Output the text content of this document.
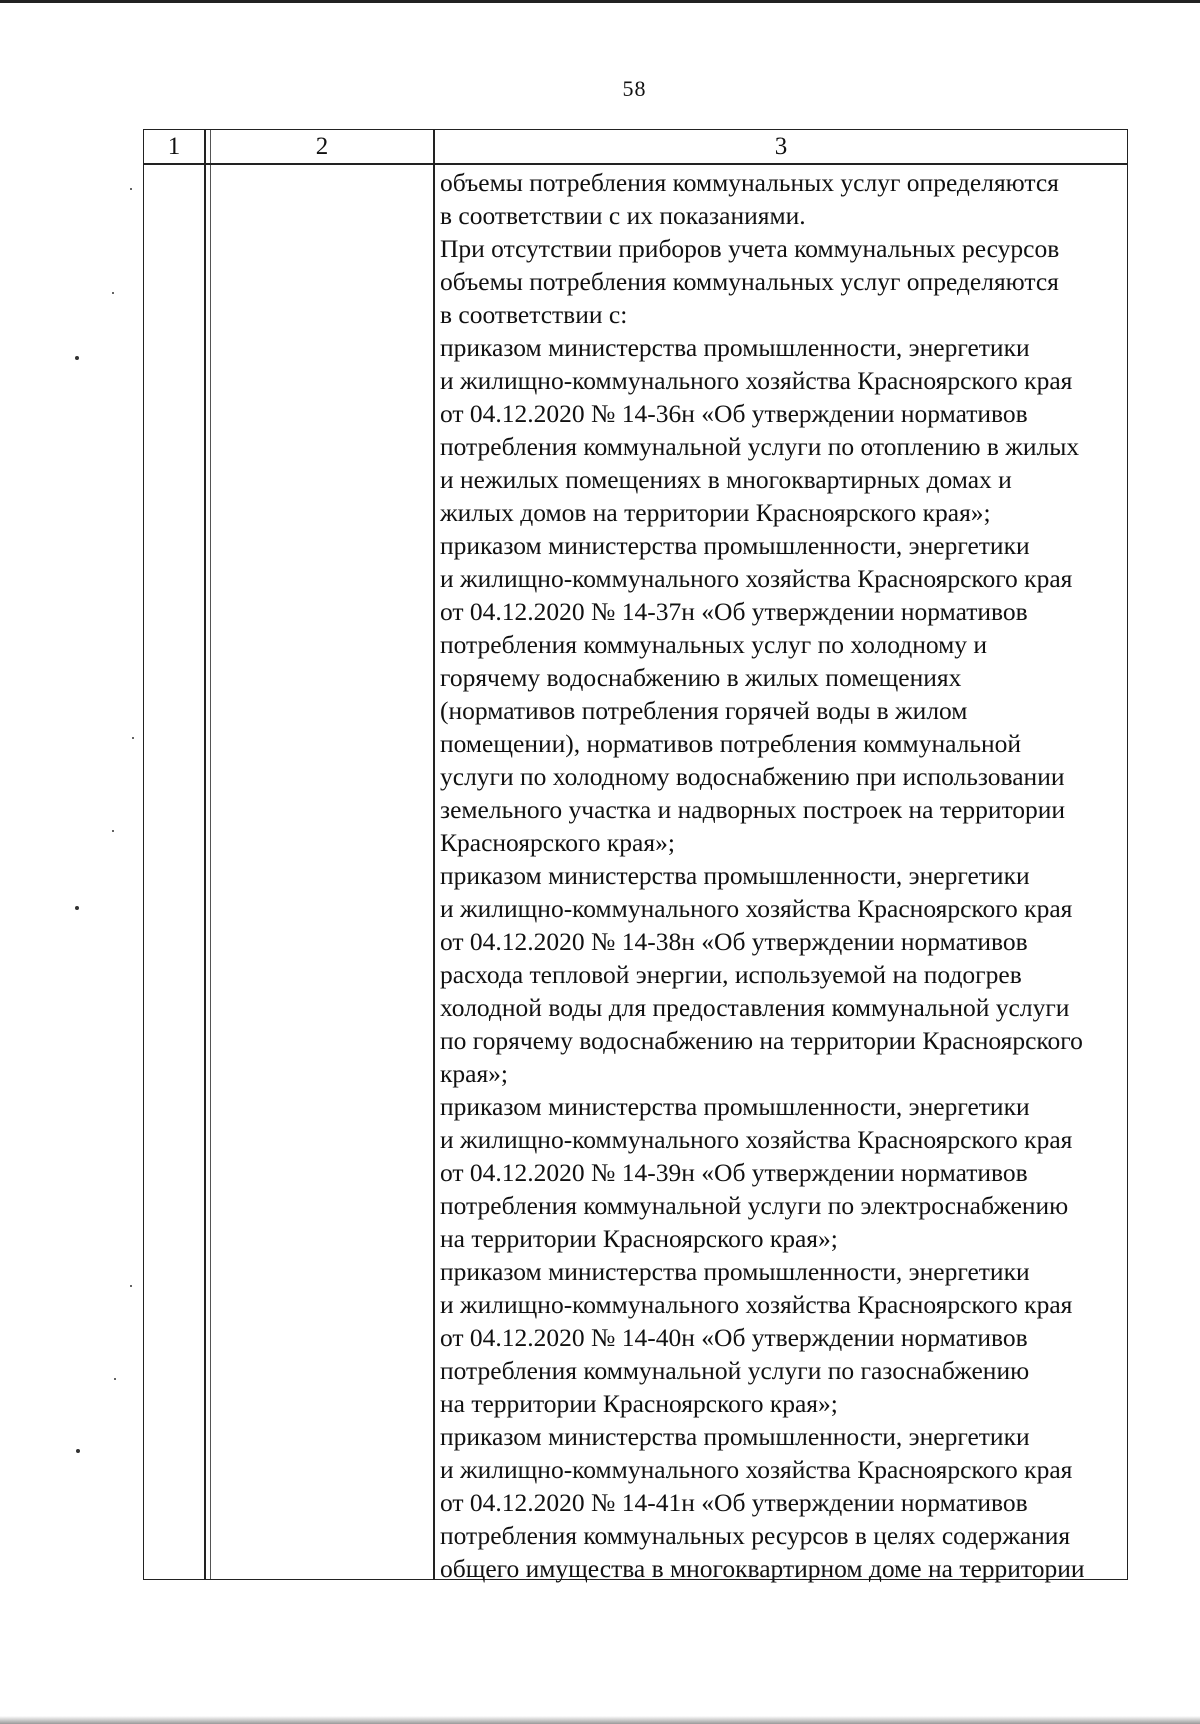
58
1	2	3
объемы потребления коммунальных услуг определяются
в соответствии с их показаниями.
При отсутствии приборов учета коммунальных ресурсов
объемы потребления коммунальных услуг определяются
в соответствии с:
приказом министерства промышленности, энергетики
и жилищно-коммунального хозяйства Красноярского края
от 04.12.2020 № 14-36н «Об утверждении нормативов
потребления коммунальной услуги по отоплению в жилых
и нежилых помещениях в многоквартирных домах и
жилых домов на территории Красноярского края»;
приказом министерства промышленности, энергетики
и жилищно-коммунального хозяйства Красноярского края
от 04.12.2020 № 14-37н «Об утверждении нормативов
потребления коммунальных услуг по холодному и
горячему водоснабжению в жилых помещениях
(нормативов потребления горячей воды в жилом
помещении), нормативов потребления коммунальной
услуги по холодному водоснабжению при использовании
земельного участка и надворных построек на территории
Красноярского края»;
приказом министерства промышленности, энергетики
и жилищно-коммунального хозяйства Красноярского края
от 04.12.2020 № 14-38н «Об утверждении нормативов
расхода тепловой энергии, используемой на подогрев
холодной воды для предоставления коммунальной услуги
по горячему водоснабжению на территории Красноярского
края»;
приказом министерства промышленности, энергетики
и жилищно-коммунального хозяйства Красноярского края
от 04.12.2020 № 14-39н «Об утверждении нормативов
потребления коммунальной услуги по электроснабжению
на территории Красноярского края»;
приказом министерства промышленности, энергетики
и жилищно-коммунального хозяйства Красноярского края
от 04.12.2020 № 14-40н «Об утверждении нормативов
потребления коммунальной услуги по газоснабжению
на территории Красноярского края»;
приказом министерства промышленности, энергетики
и жилищно-коммунального хозяйства Красноярского края
от 04.12.2020 № 14-41н «Об утверждении нормативов
потребления коммунальных ресурсов в целях содержания
общего имущества в многоквартирном доме на территории
